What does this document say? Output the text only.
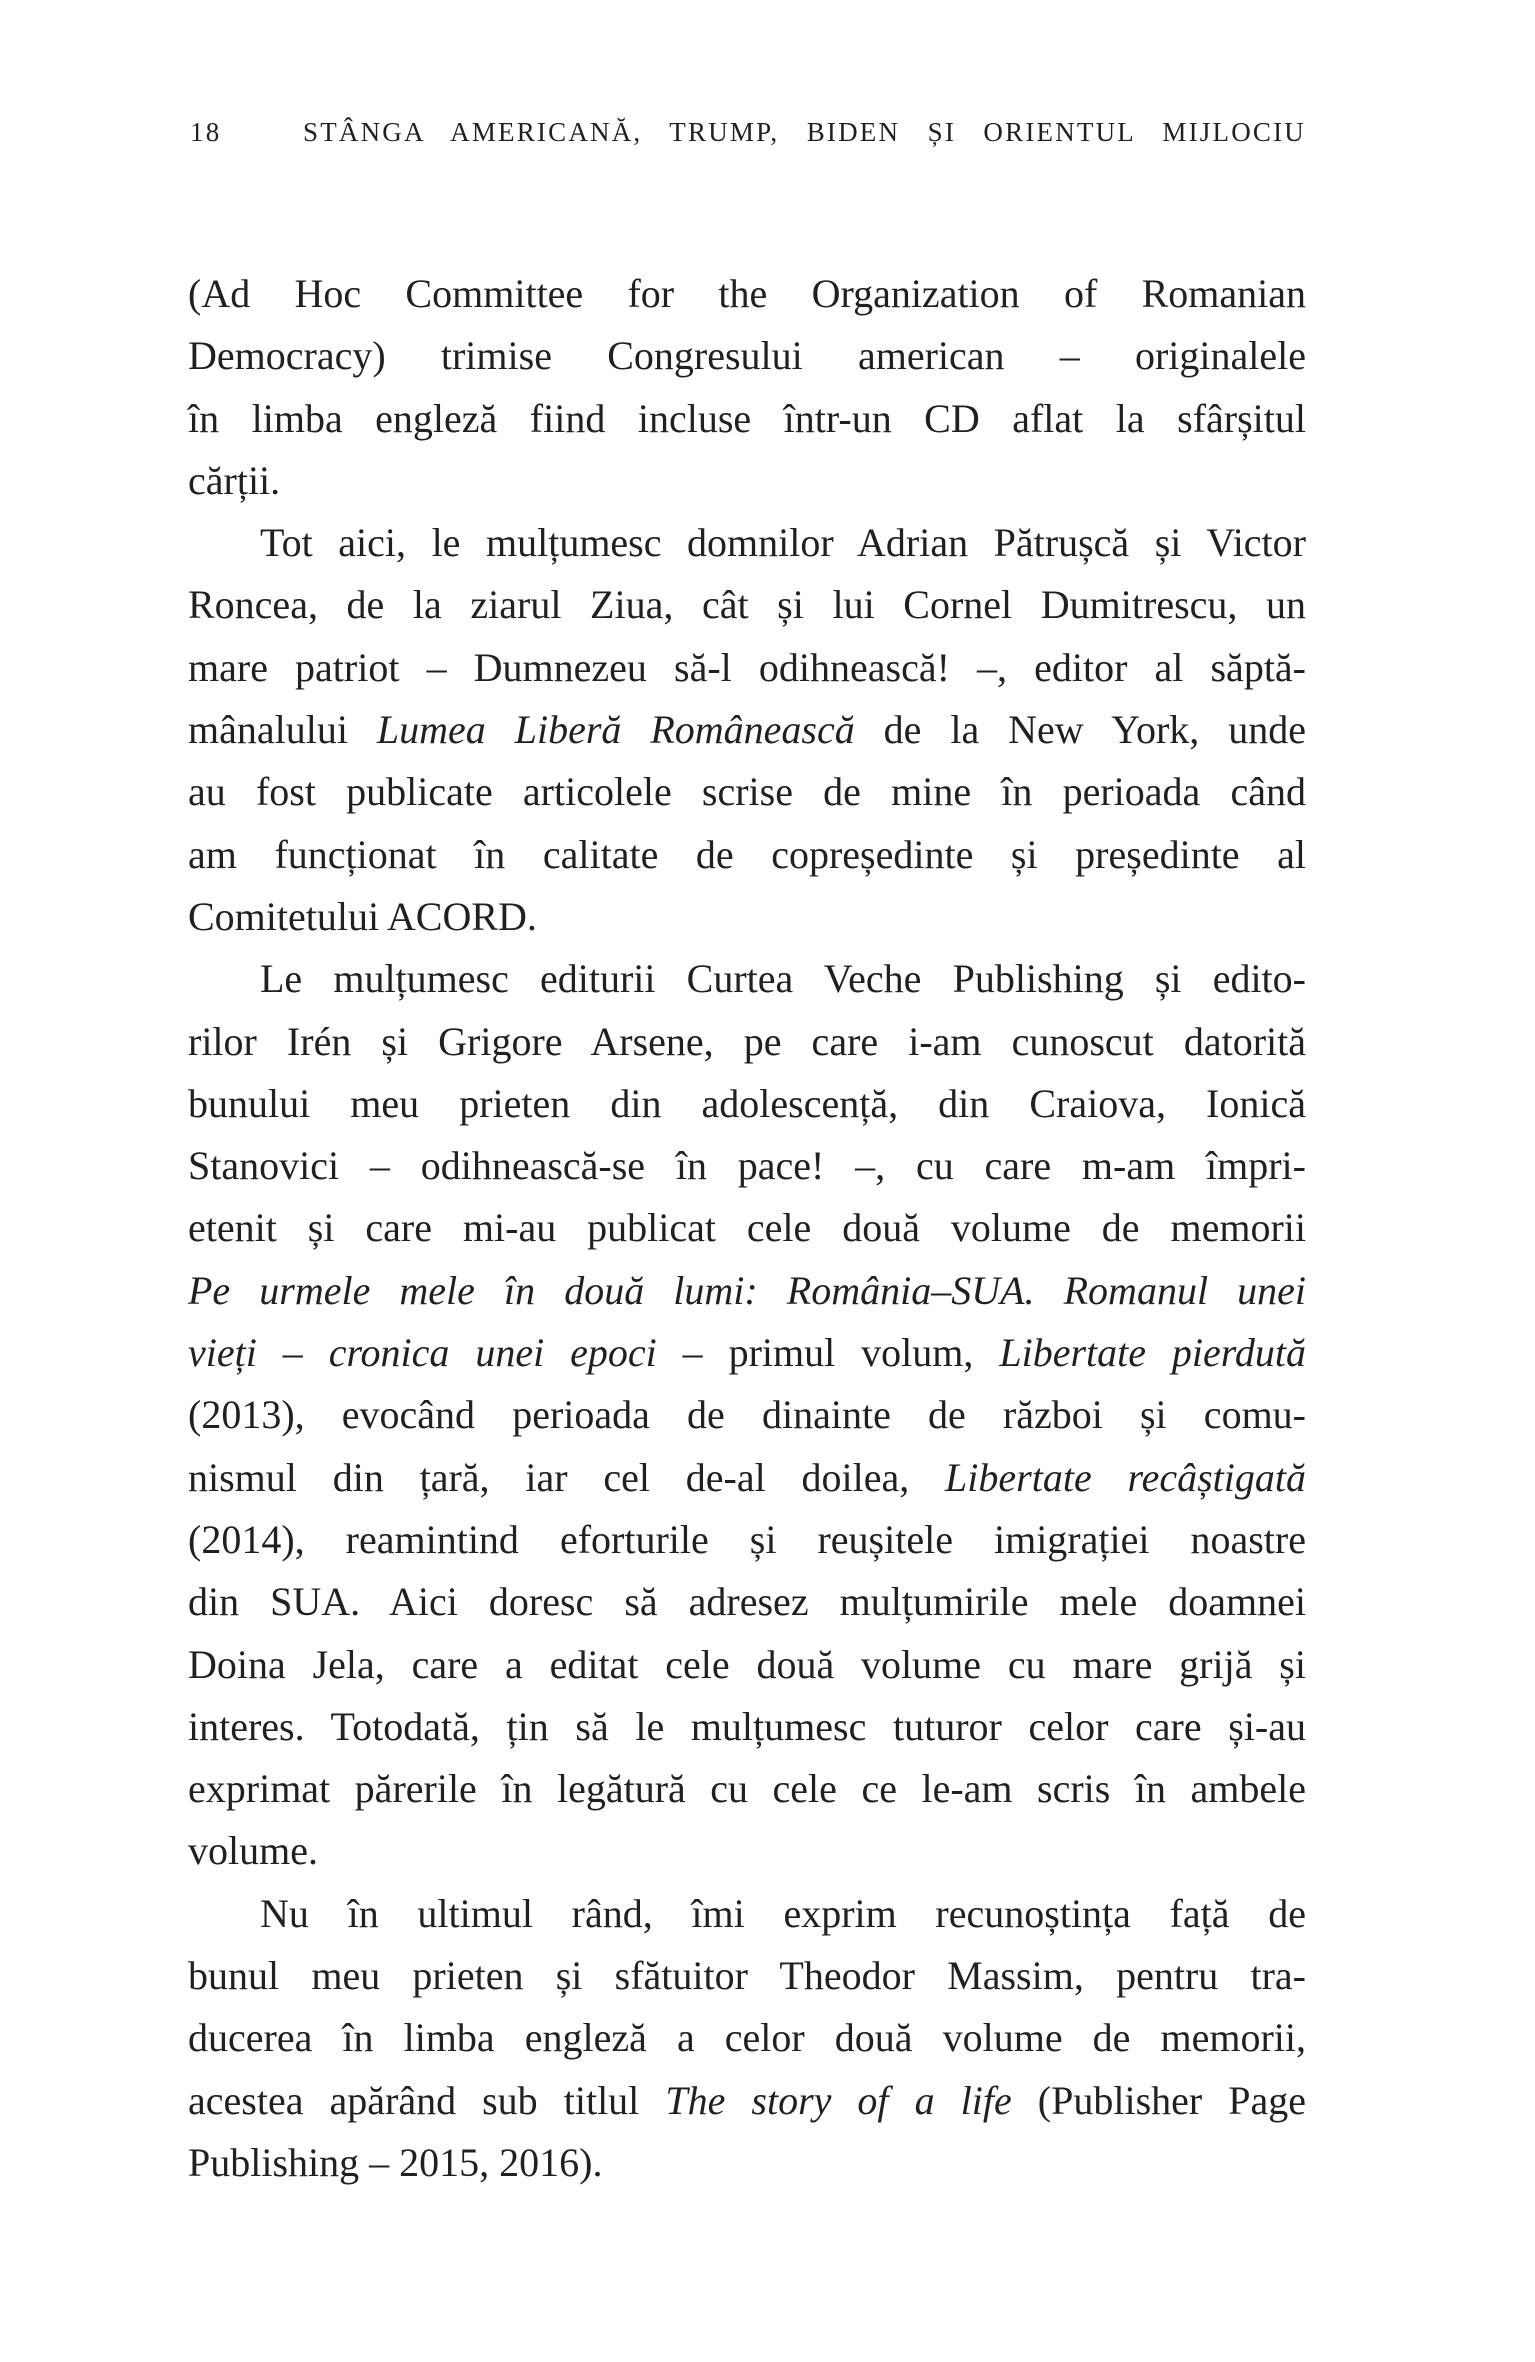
18	STÂNGA AMERICANĂ, TRUMP, BIDEN ȘI ORIENTUL MIJLOCIU
(Ad Hoc Committee for the Organization of Romanian
Democracy) trimise Congresului american – originalele
în limba engleză fiind incluse într-un CD aflat la sfârșitul
cărții.
Tot aici, le mulțumesc domnilor Adrian Pătrușcă și Victor
Roncea, de la ziarul Ziua, cât și lui Cornel Dumitrescu, un
mare patriot – Dumnezeu să-l odihnească! –, editor al săptă-
mânalului Lumea Liberă Românească de la New York, unde
au fost publicate articolele scrise de mine în perioada când
am funcționat în calitate de copreședinte și președinte al
Comitetului ACORD.
Le mulțumesc editurii Curtea Veche Publishing și edito-
rilor Irén și Grigore Arsene, pe care i-am cunoscut datorită
bunului meu prieten din adolescență, din Craiova, Ionică
Stanovici – odihnească-se în pace! –, cu care m-am împri-
etenit și care mi-au publicat cele două volume de memorii
Pe urmele mele în două lumi: România–SUA. Romanul unei
vieți – cronica unei epoci – primul volum, Libertate pierdută
(2013), evocând perioada de dinainte de război și comu-
nismul din țară, iar cel de-al doilea, Libertate recâștigată
(2014), reamintind eforturile și reușitele imigrației noastre
din SUA. Aici doresc să adresez mulțumirile mele doamnei
Doina Jela, care a editat cele două volume cu mare grijă și
interes. Totodată, țin să le mulțumesc tuturor celor care și-au
exprimat părerile în legătură cu cele ce le-am scris în ambele
volume.
Nu în ultimul rând, îmi exprim recunoștința față de
bunul meu prieten și sfătuitor Theodor Massim, pentru tra-
ducerea în limba engleză a celor două volume de memorii,
acestea apărând sub titlul The story of a life (Publisher Page
Publishing – 2015, 2016).
